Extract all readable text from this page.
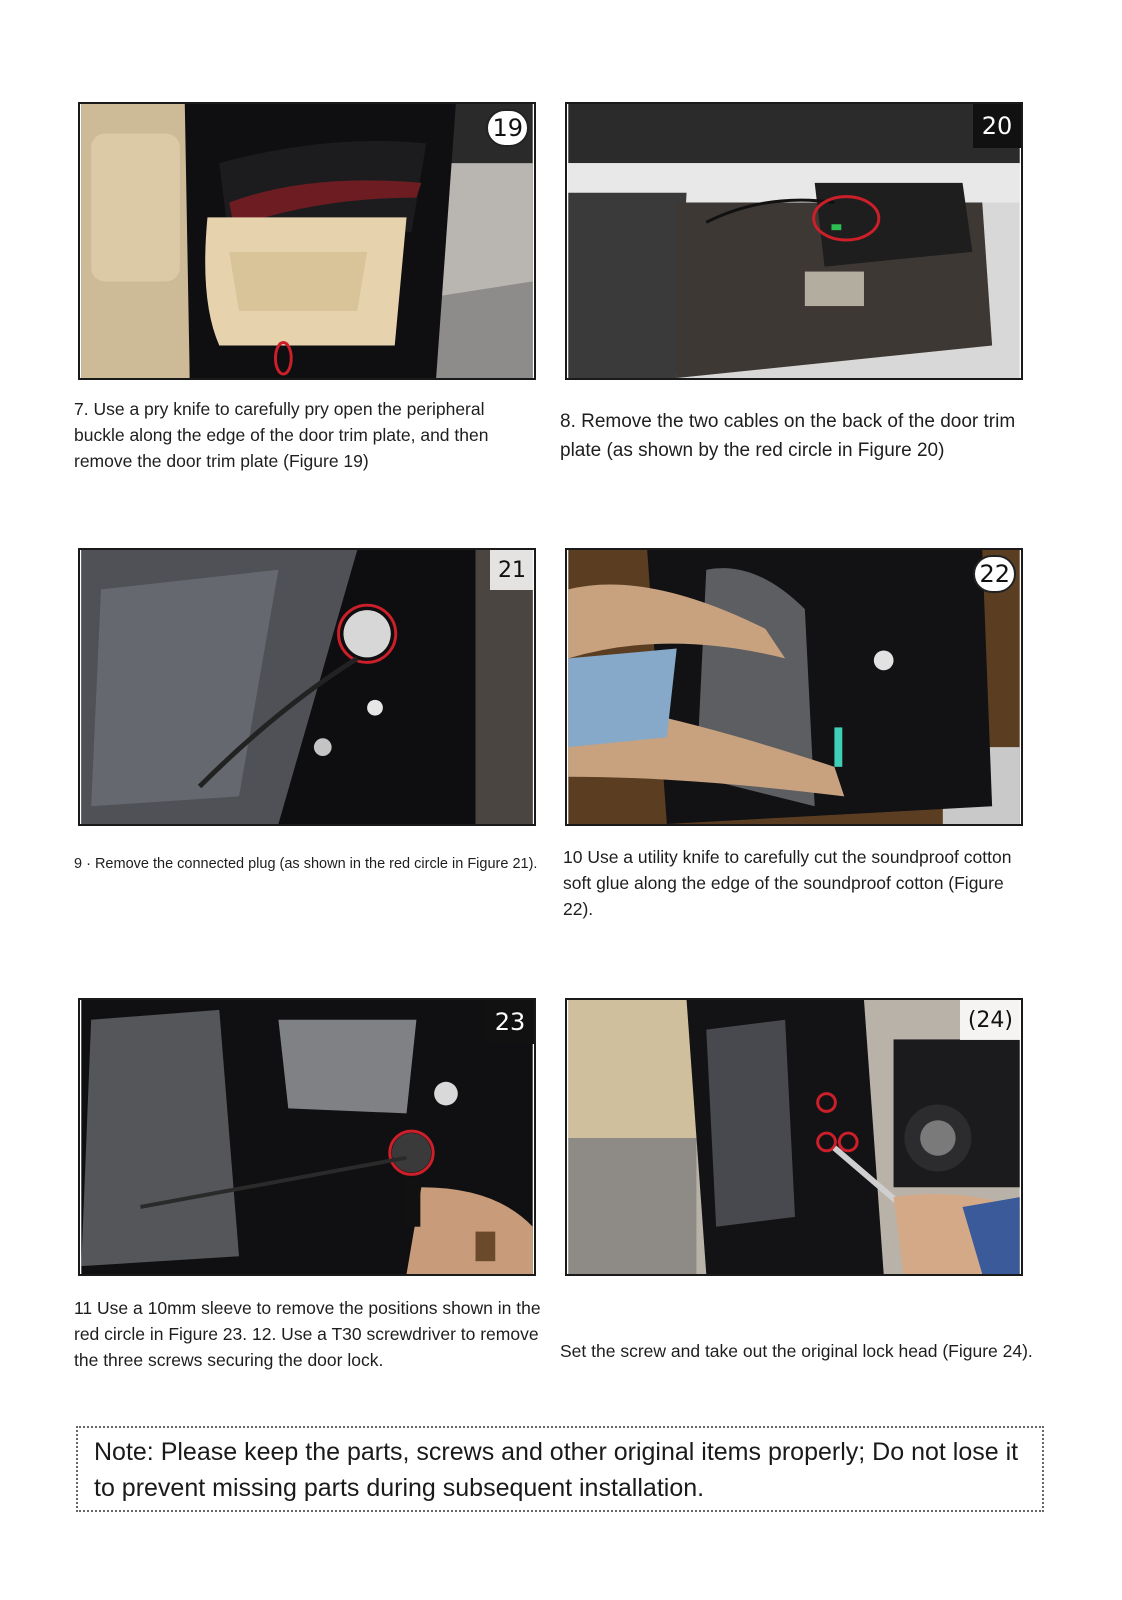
19	20
7. Use a pry knife to carefully pry open the peripheral buckle along the edge of the door trim plate, and then remove the door trim plate (Figure 19)
8. Remove the two cables on the back of the door trim plate (as shown by the red circle in Figure 20)
21	22
9 · Remove the connected plug (as shown in the red circle in Figure 21).	10 Use a utility knife to carefully cut the soundproof cotton soft glue along the edge of the soundproof cotton (Figure 22).
23	(24)
11 Use a 10mm sleeve to remove the positions shown in the red circle in Figure 23. 12. Use a T30 screwdriver to remove the three screws securing the door lock.	Set the screw and take out the original lock head (Figure 24).
Note: Please keep the parts, screws and other original items properly; Do not lose it to prevent missing parts during subsequent installation.
